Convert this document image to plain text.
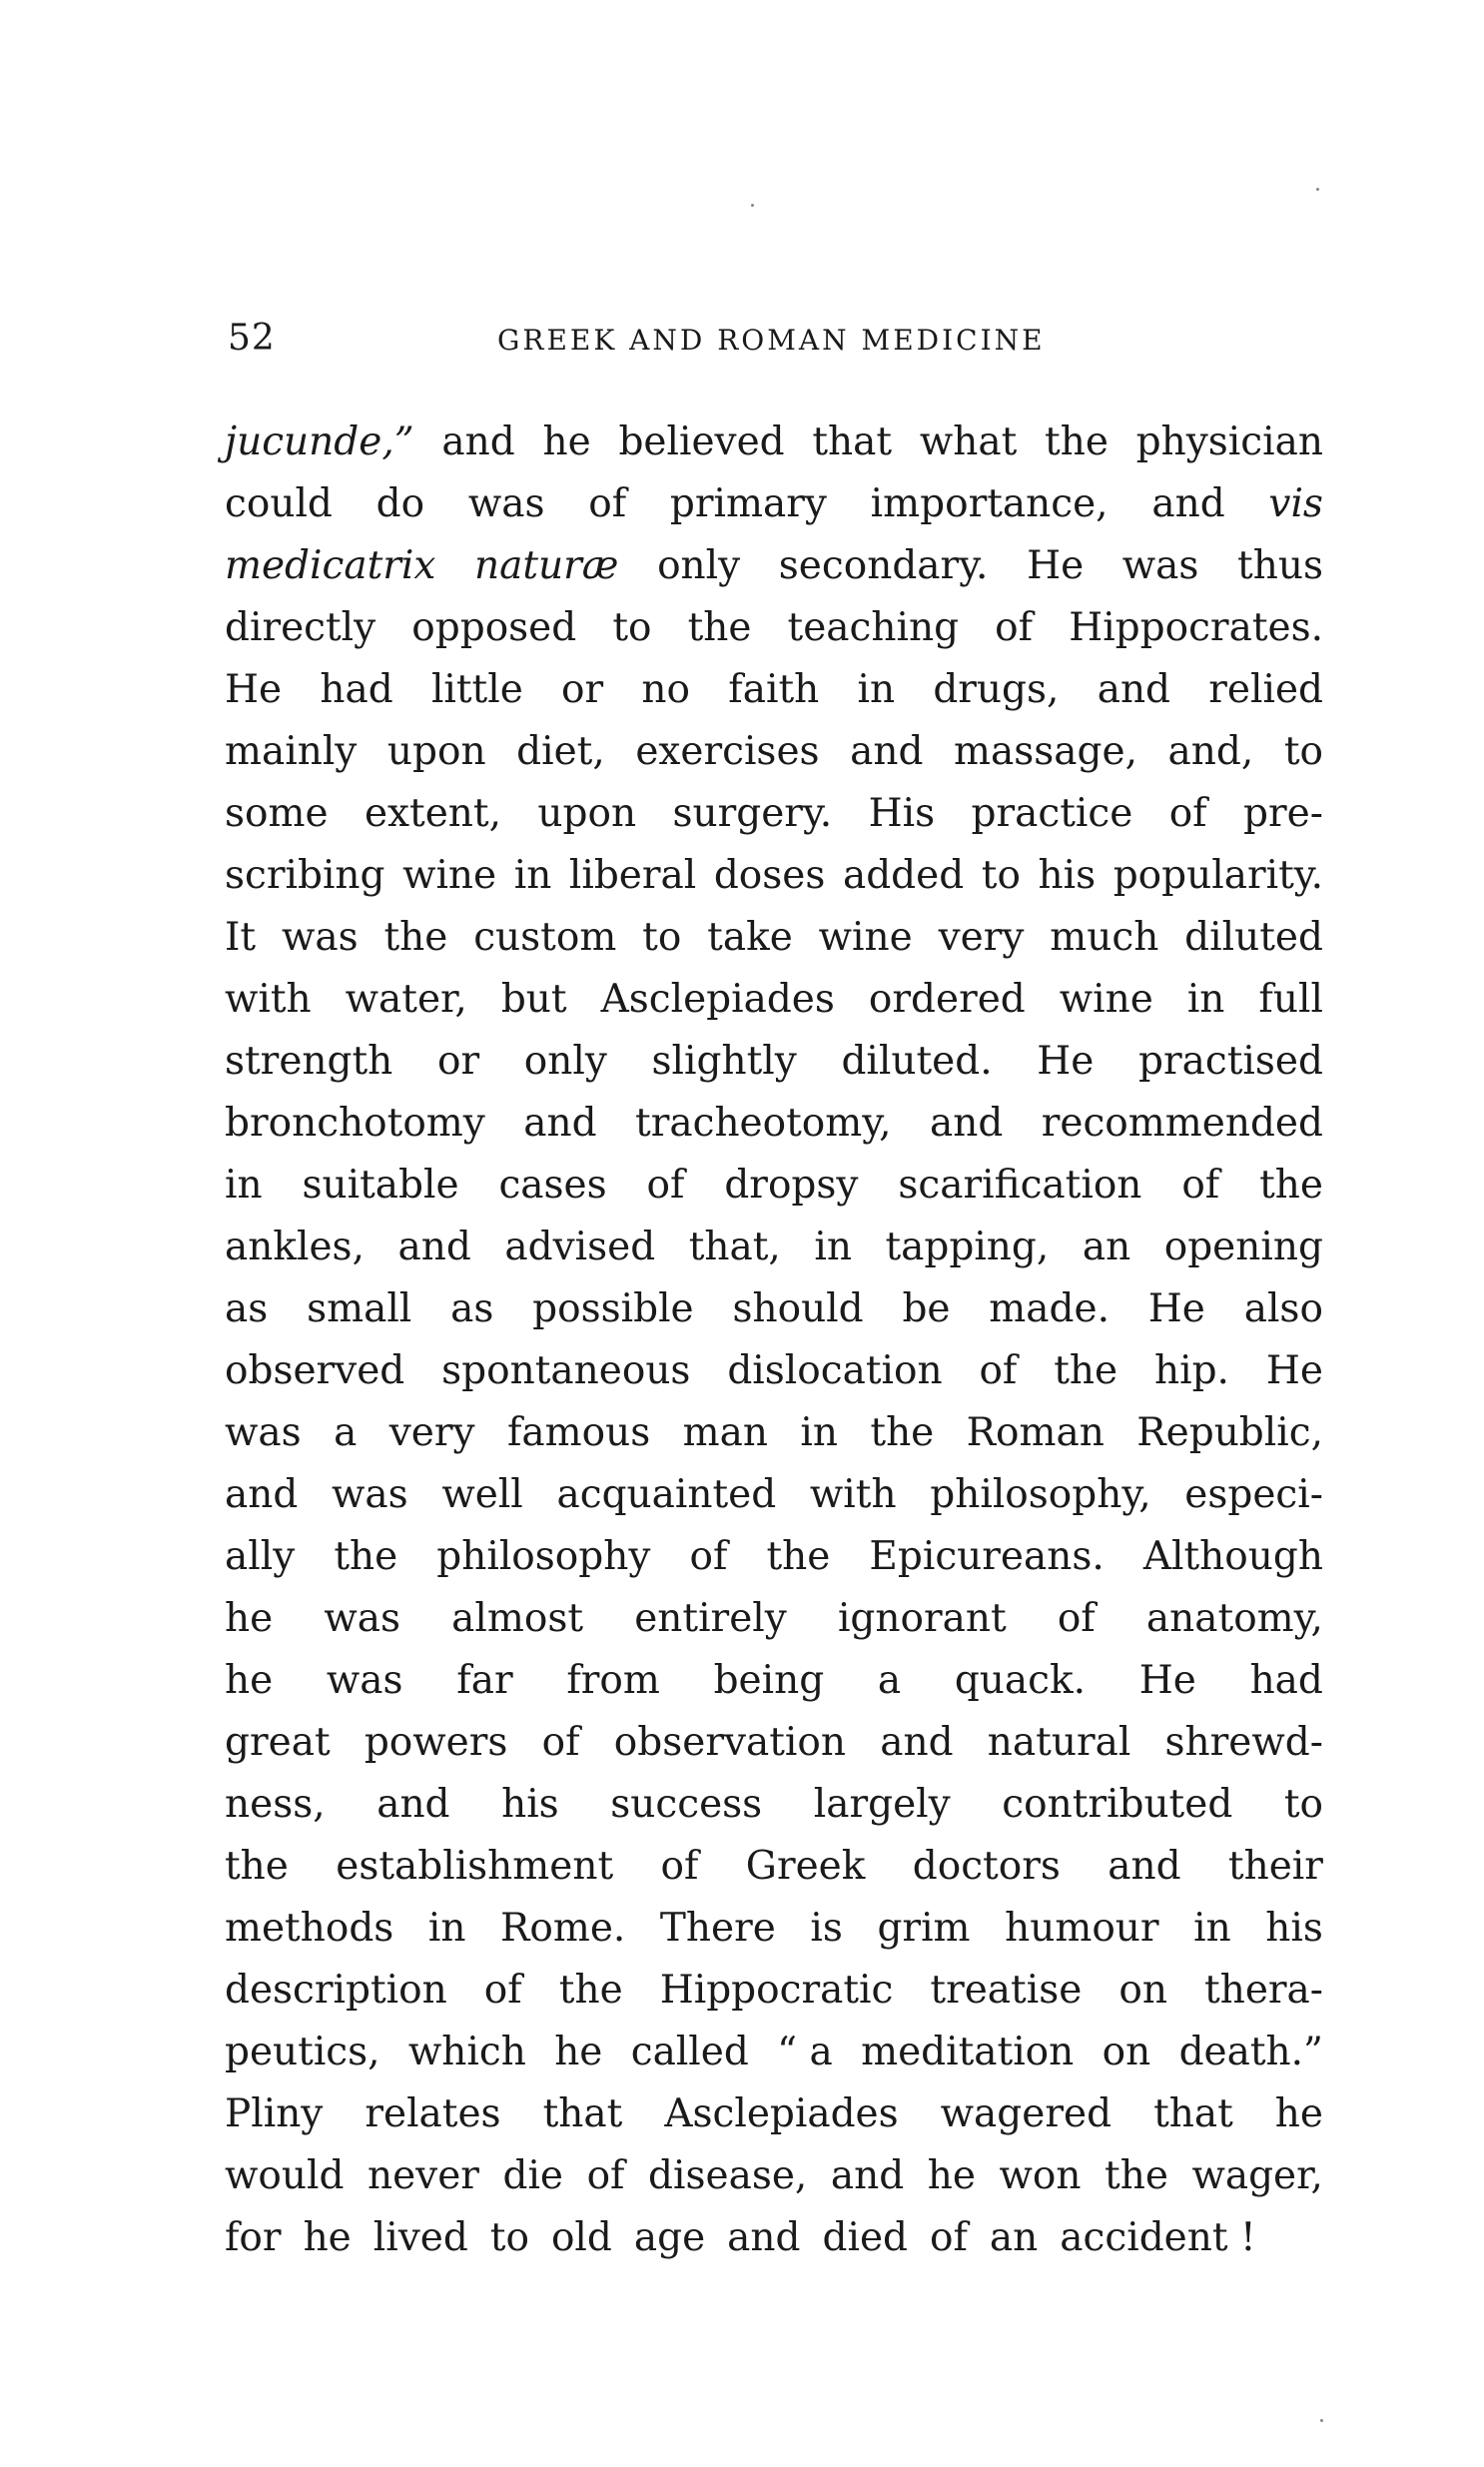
52	GREEK AND ROMAN MEDICINE
jucunde,” and he believed that what the physician
could do was of primary importance, and vis
medicatrix naturæ only secondary. He was thus
directly opposed to the teaching of Hippocrates.
He had little or no faith in drugs, and relied
mainly upon diet, exercises and massage, and, to
some extent, upon surgery. His practice of pre-
scribing wine in liberal doses added to his popularity.
It was the custom to take wine very much diluted
with water, but Asclepiades ordered wine in full
strength or only slightly diluted. He practised
bronchotomy and tracheotomy, and recommended
in suitable cases of dropsy scarification of the
ankles, and advised that, in tapping, an opening
as small as possible should be made. He also
observed spontaneous dislocation of the hip. He
was a very famous man in the Roman Republic,
and was well acquainted with philosophy, especi-
ally the philosophy of the Epicureans. Although
he was almost entirely ignorant of anatomy,
he was far from being a quack. He had
great powers of observation and natural shrewd-
ness, and his success largely contributed to
the establishment of Greek doctors and their
methods in Rome. There is grim humour in his
description of the Hippocratic treatise on thera-
peutics, which he called “ a meditation on death.”
Pliny relates that Asclepiades wagered that he
would never die of disease, and he won the wager,
for he lived to old age and died of an accident !
